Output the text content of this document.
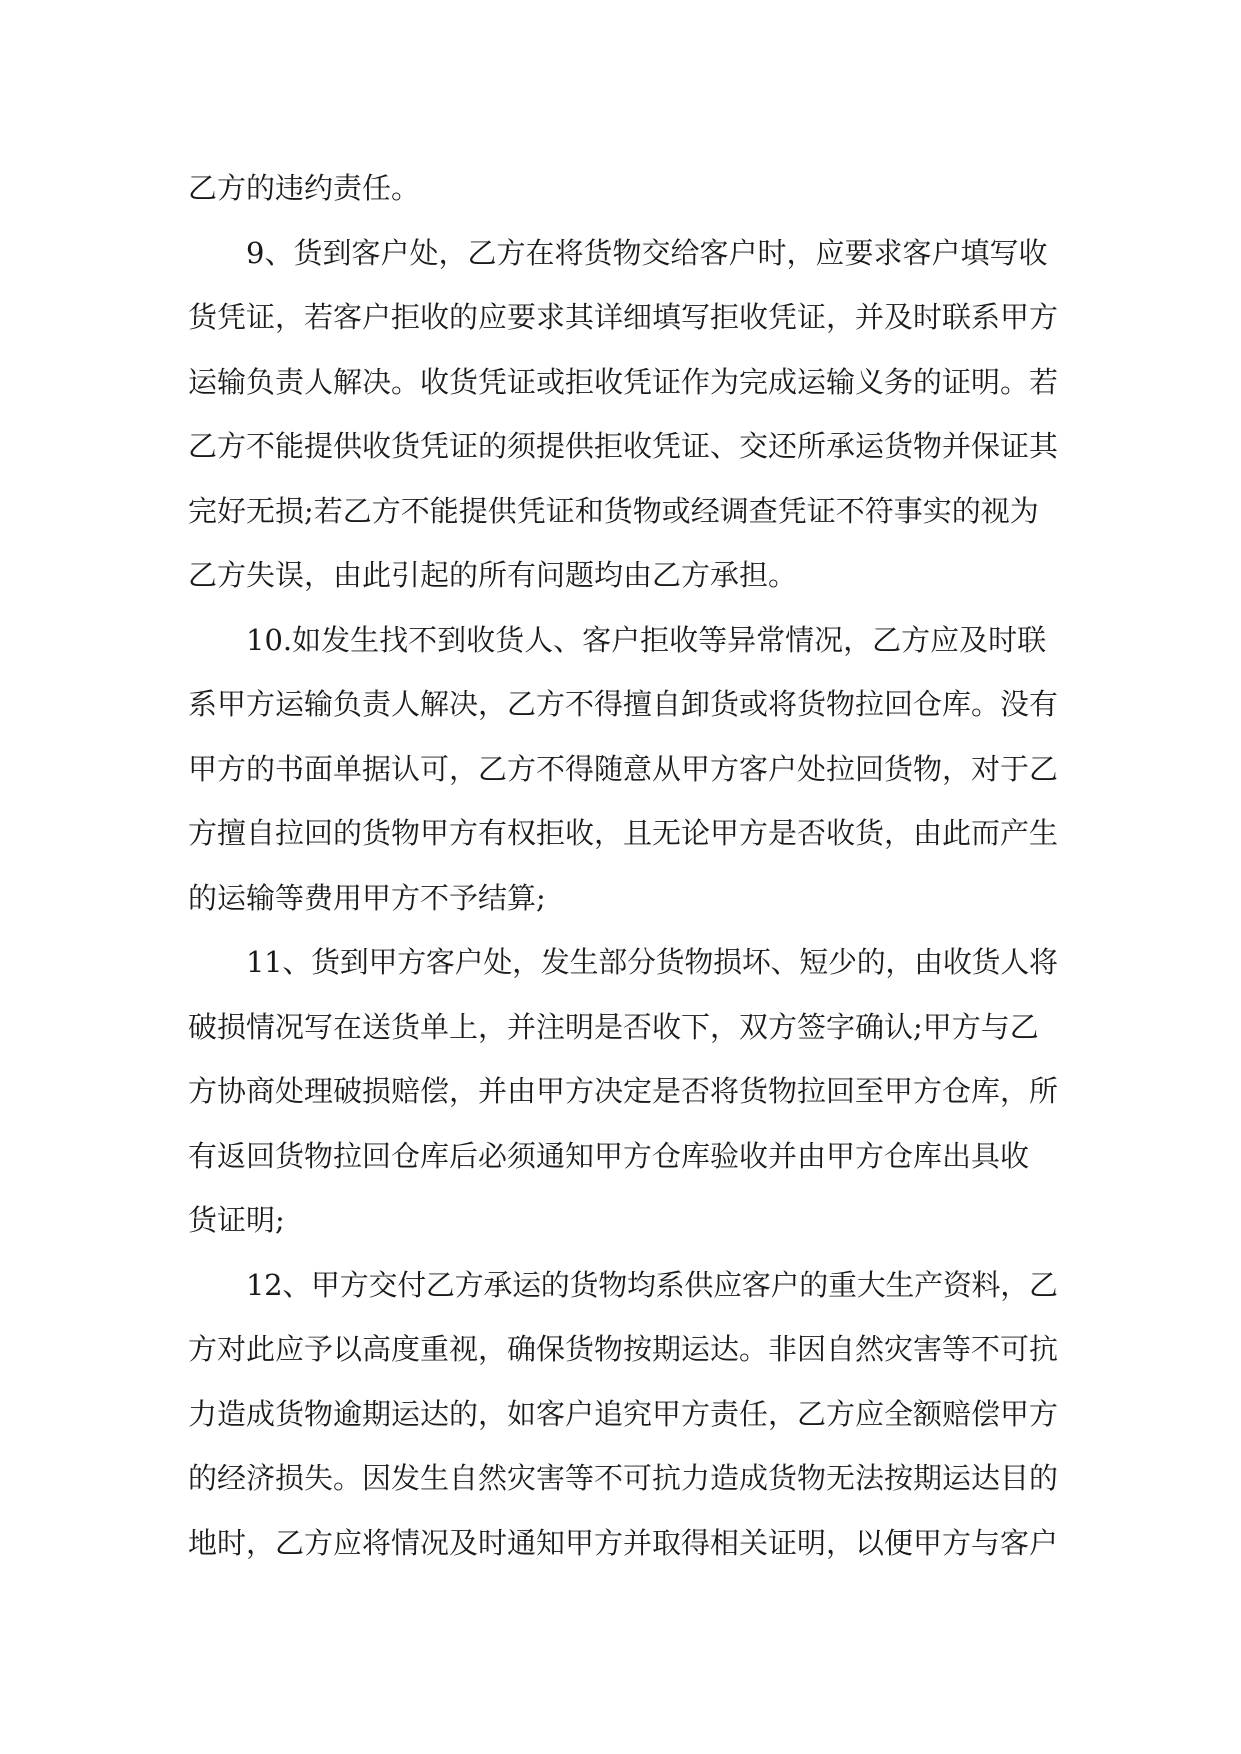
乙方的违约责任。
9、货到客户处，乙方在将货物交给客户时，应要求客户填写收
货凭证，若客户拒收的应要求其详细填写拒收凭证，并及时联系甲方
运输负责人解决。收货凭证或拒收凭证作为完成运输义务的证明。若
乙方不能提供收货凭证的须提供拒收凭证、交还所承运货物并保证其
完好无损;若乙方不能提供凭证和货物或经调查凭证不符事实的视为
乙方失误，由此引起的所有问题均由乙方承担。
10.如发生找不到收货人、客户拒收等异常情况，乙方应及时联
系甲方运输负责人解决，乙方不得擅自卸货或将货物拉回仓库。没有
甲方的书面单据认可，乙方不得随意从甲方客户处拉回货物，对于乙
方擅自拉回的货物甲方有权拒收，且无论甲方是否收货，由此而产生
的运输等费用甲方不予结算;
11、货到甲方客户处，发生部分货物损坏、短少的，由收货人将
破损情况写在送货单上，并注明是否收下，双方签字确认;甲方与乙
方协商处理破损赔偿，并由甲方决定是否将货物拉回至甲方仓库，所
有返回货物拉回仓库后必须通知甲方仓库验收并由甲方仓库出具收
货证明;
12、甲方交付乙方承运的货物均系供应客户的重大生产资料，乙
方对此应予以高度重视，确保货物按期运达。非因自然灾害等不可抗
力造成货物逾期运达的，如客户追究甲方责任，乙方应全额赔偿甲方
的经济损失。因发生自然灾害等不可抗力造成货物无法按期运达目的
地时，乙方应将情况及时通知甲方并取得相关证明，以便甲方与客户
